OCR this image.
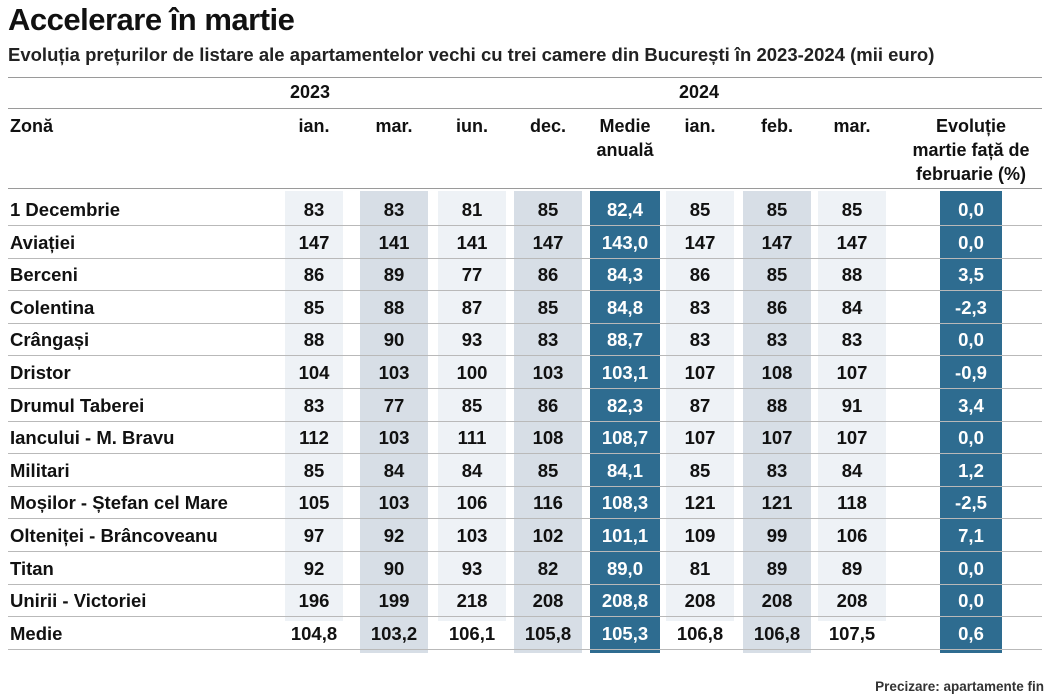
Accelerare în martie
Evoluția prețurilor de listare ale apartamentelor vechi cu trei camere din București în 2023-2024 (mii euro)
2023	2024
Zonă	ian.	mar.	iun.	dec.	Medie
anuală
ian.	feb.	mar.	Evoluție
martie față de
februarie (%)
1 Decembrie	83	83	81	85	82,4	85	85	85	0,0
Aviației	147	141	141	147	143,0	147	147	147	0,0
Berceni	86	89	77	86	84,3	86	85	88	3,5
Colentina	85	88	87	85	84,8	83	86	84	-2,3
Crângași	88	90	93	83	88,7	83	83	83	0,0
Dristor	104	103	100	103	103,1	107	108	107	-0,9
Drumul Taberei	83	77	85	86	82,3	87	88	91	3,4
Iancului - M. Bravu	112	103	111	108	108,7	107	107	107	0,0
Militari	85	84	84	85	84,1	85	83	84	1,2
Moșilor - Ștefan cel Mare	105	103	106	116	108,3	121	121	118	-2,5
Olteniței - Brâncoveanu	97	92	103	102	101,1	109	99	106	7,1
Titan	92	90	93	82	89,0	81	89	89	0,0
Unirii - Victoriei	196	199	218	208	208,8	208	208	208	0,0
Medie	104,8	103,2	106,1	105,8	105,3	106,8	106,8	107,5	0,6
Precizare: apartamente fin
